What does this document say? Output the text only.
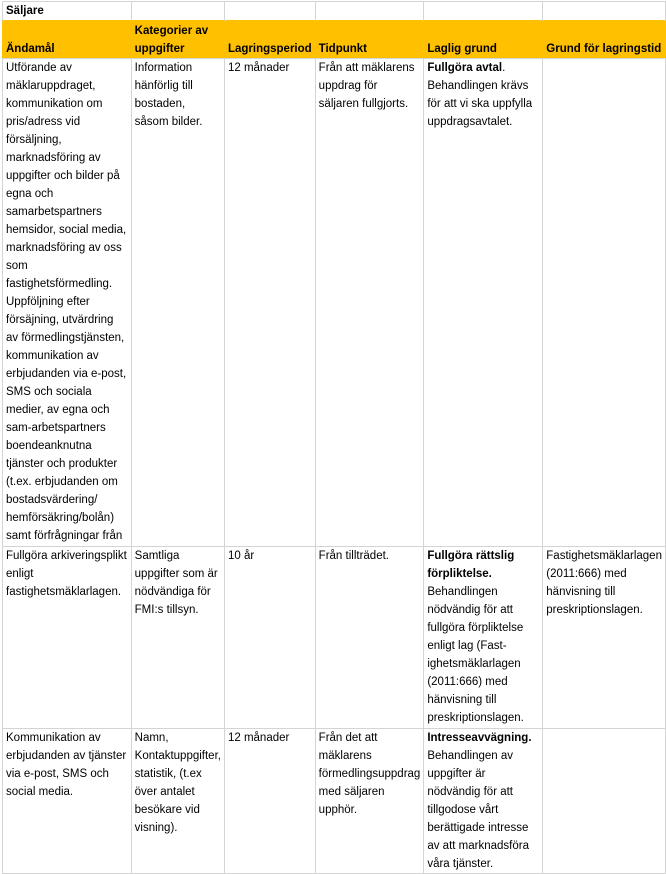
Säljare					
Ändamål	Kategorier av uppgifter	Lagringsperiod	Tidpunkt	Laglig grund	Grund för lagringstid
Utförande av mäklaruppdraget, kommunikation om pris/adress vid försäljning, marknadsföring av uppgifter och bilder på egna och samarbetspartners hemsidor, social media, marknadsföring av oss som fastighetsförmedling. Uppföljning efter försäjning, utvärdring av förmedlingstjänsten, kommunikation av erbjudanden via e-post, SMS och sociala medier, av egna och sam-arbetspartners boendeanknutna tjänster och produkter (t.ex. erbjudanden om bostadsvärdering/ hemförsäkring/bolån) samt förfrågningar från	Information hänförlig till bostaden, såsom bilder.	12 månader	Från att mäklarens uppdrag för säljaren fullgjorts.	Fullgöra avtal. Behandlingen krävs för att vi ska uppfylla uppdragsavtalet.	
Fullgöra arkiveringsplikt enligt fastighetsmäklarlagen.	Samtliga uppgifter som är nödvändiga för FMI:s tillsyn.	10 år	Från tillträdet.	Fullgöra rättslig förpliktelse. Behandlingen nödvändig för att fullgöra förpliktelse enligt lag (Fast-ighetsmäklarlagen (2011:666) med hänvisning till preskriptionslagen.	Fastighetsmäklarlagen (2011:666) med hänvisning till preskriptionslagen.
Kommunikation av erbjudanden av tjänster via e-post, SMS och social media.	Namn, Kontaktuppgifter, statistik, (t.ex över antalet besökare vid visning).	12 månader	Från det att mäklarens förmedlingsuppdrag med säljaren upphör.	Intresseavvägning. Behandlingen av uppgifter är nödvändig för att tillgodose vårt berättigade intresse av att marknadsföra våra tjänster.	
